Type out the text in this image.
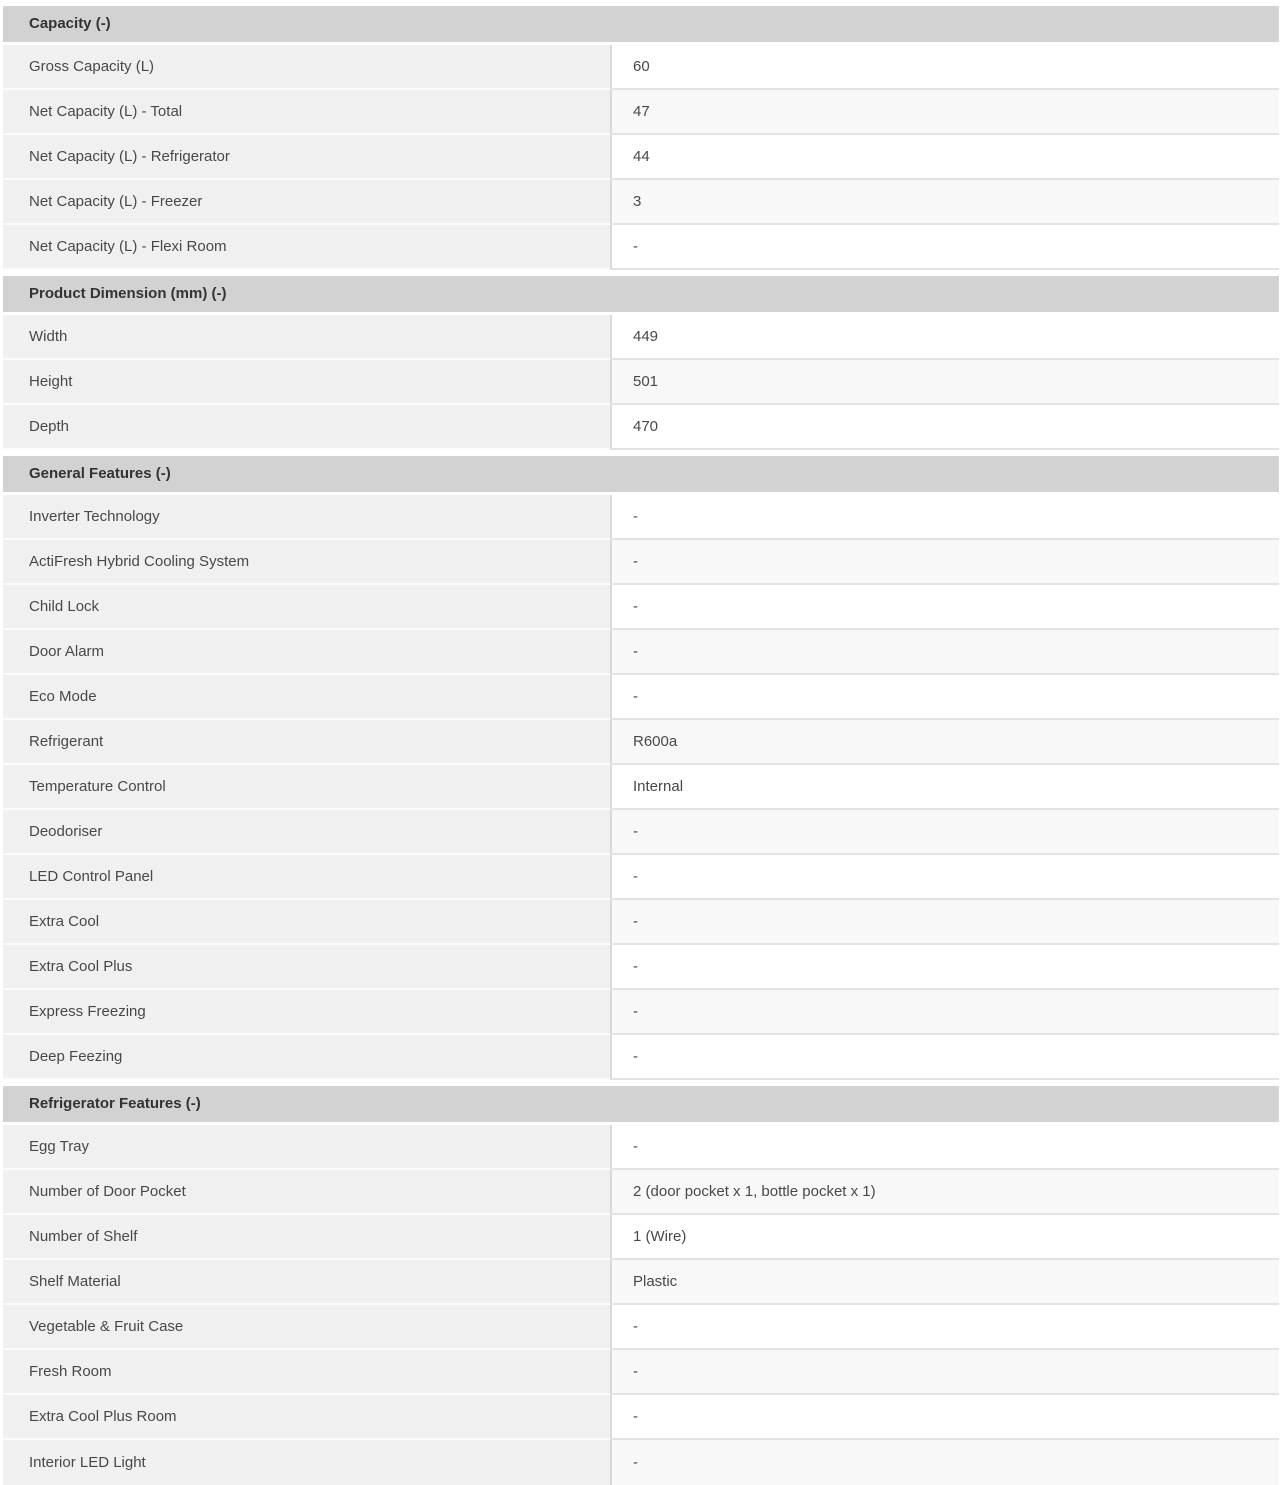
Capacity (-)	
Gross Capacity (L)	60
Net Capacity (L) - Total	47
Net Capacity (L) - Refrigerator	44
Net Capacity (L) - Freezer	3
Net Capacity (L) - Flexi Room	-
Product Dimension (mm) (-)	
Width	449
Height	501
Depth	470
General Features (-)	
Inverter Technology	-
ActiFresh Hybrid Cooling System	-
Child Lock	-
Door Alarm	-
Eco Mode	-
Refrigerant	R600a
Temperature Control	Internal
Deodoriser	-
LED Control Panel	-
Extra Cool	-
Extra Cool Plus	-
Express Freezing	-
Deep Feezing	-
Refrigerator Features (-)	
Egg Tray	-
Number of Door Pocket	2 (door pocket x 1, bottle pocket x 1)
Number of Shelf	1 (Wire)
Shelf Material	Plastic
Vegetable & Fruit Case	-
Fresh Room	-
Extra Cool Plus Room	-
Interior LED Light	-
